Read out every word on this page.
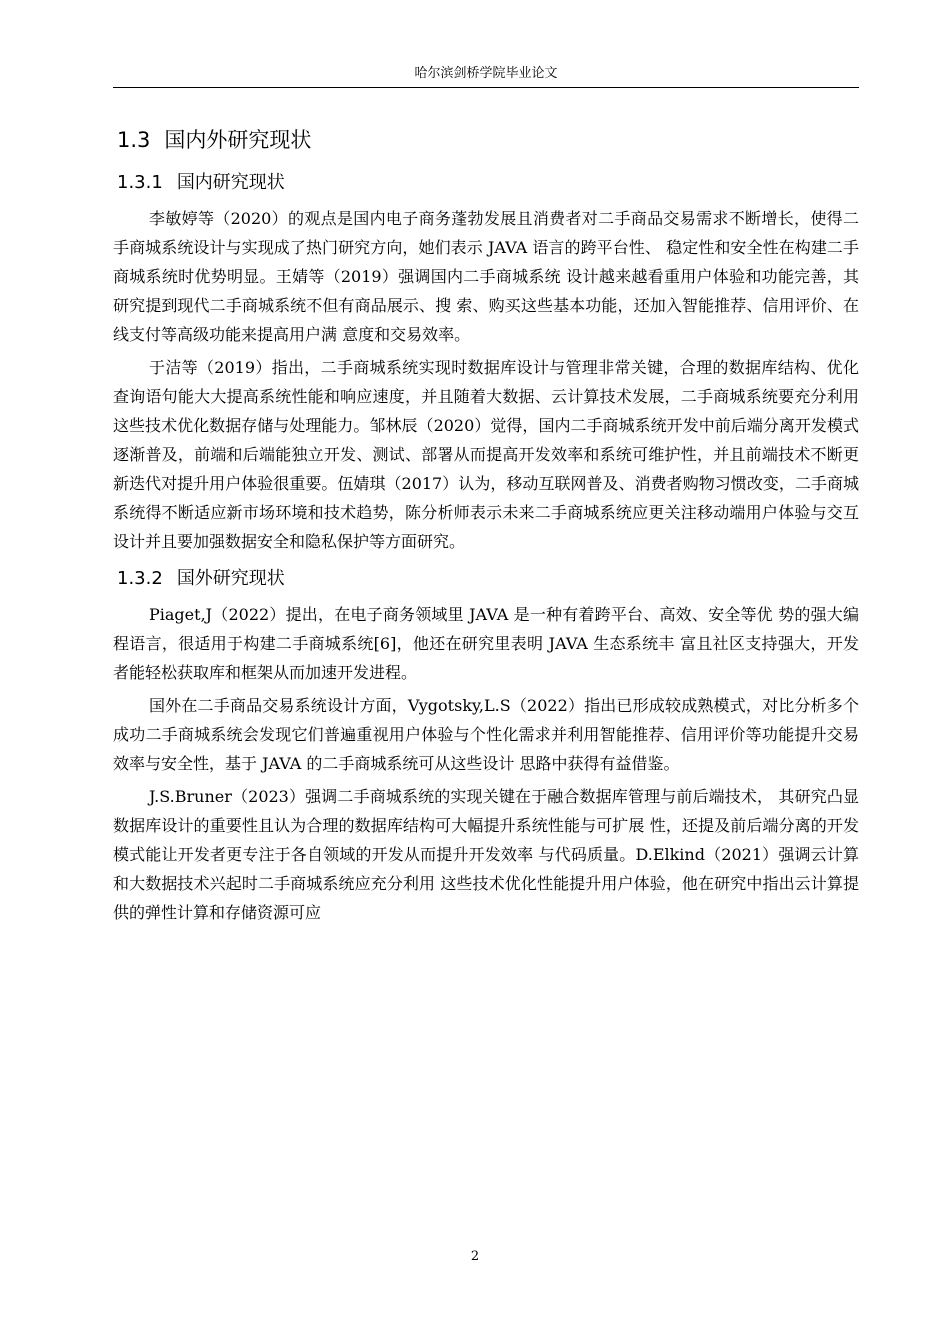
哈尔滨剑桥学院毕业论文
1.3 国内外研究现状
1.3.1 国内研究现状

李敏婷等（2020）的观点是国内电子商务蓬勃发展且消费者对二手商品交易需求不断增长，使得二手商城系统设计与实现成了热门研究方向，她们表示 JAVA 语言的跨平台性、 稳定性和安全性在构建二手商城系统时优势明显。王婧等（2019）强调国内二手商城系统 设计越来越看重用户体验和功能完善，其研究提到现代二手商城系统不但有商品展示、搜 索、购买这些基本功能，还加入智能推荐、信用评价、在线支付等高级功能来提高用户满 意度和交易效率。

于洁等（2019）指出，二手商城系统实现时数据库设计与管理非常关键，合理的数据库结构、优化查询语句能大大提高系统性能和响应速度，并且随着大数据、云计算技术发展，二手商城系统要充分利用这些技术优化数据存储与处理能力。邹林辰（2020）觉得，国内二手商城系统开发中前后端分离开发模式逐渐普及，前端和后端能独立开发、测试、部署从而提高开发效率和系统可维护性，并且前端技术不断更新迭代对提升用户体验很重要。伍婧琪（2017）认为，移动互联网普及、消费者购物习惯改变，二手商城系统得不断适应新市场环境和技术趋势，陈分析师表示未来二手商城系统应更关注移动端用户体验与交互设计并且要加强数据安全和隐私保护等方面研究。

1.3.2 国外研究现状

Piaget,J（2022）提出，在电子商务领域里 JAVA 是一种有着跨平台、高效、安全等优 势的强大编程语言，很适用于构建二手商城系统[6]，他还在研究里表明 JAVA 生态系统丰 富且社区支持强大，开发者能轻松获取库和框架从而加速开发进程。

国外在二手商品交易系统设计方面，Vygotsky,L.S（2022）指出已形成较成熟模式，对比分析多个成功二手商城系统会发现它们普遍重视用户体验与个性化需求并利用智能推荐、信用评价等功能提升交易效率与安全性，基于 JAVA 的二手商城系统可从这些设计 思路中获得有益借鉴。

J.S.Bruner（2023）强调二手商城系统的实现关键在于融合数据库管理与前后端技术， 其研究凸显数据库设计的重要性且认为合理的数据库结构可大幅提升系统性能与可扩展 性，还提及前后端分离的开发模式能让开发者更专注于各自领域的开发从而提升开发效率 与代码质量。D.Elkind（2021）强调云计算和大数据技术兴起时二手商城系统应充分利用 这些技术优化性能提升用户体验，他在研究中指出云计算提供的弹性计算和存储资源可应

2
